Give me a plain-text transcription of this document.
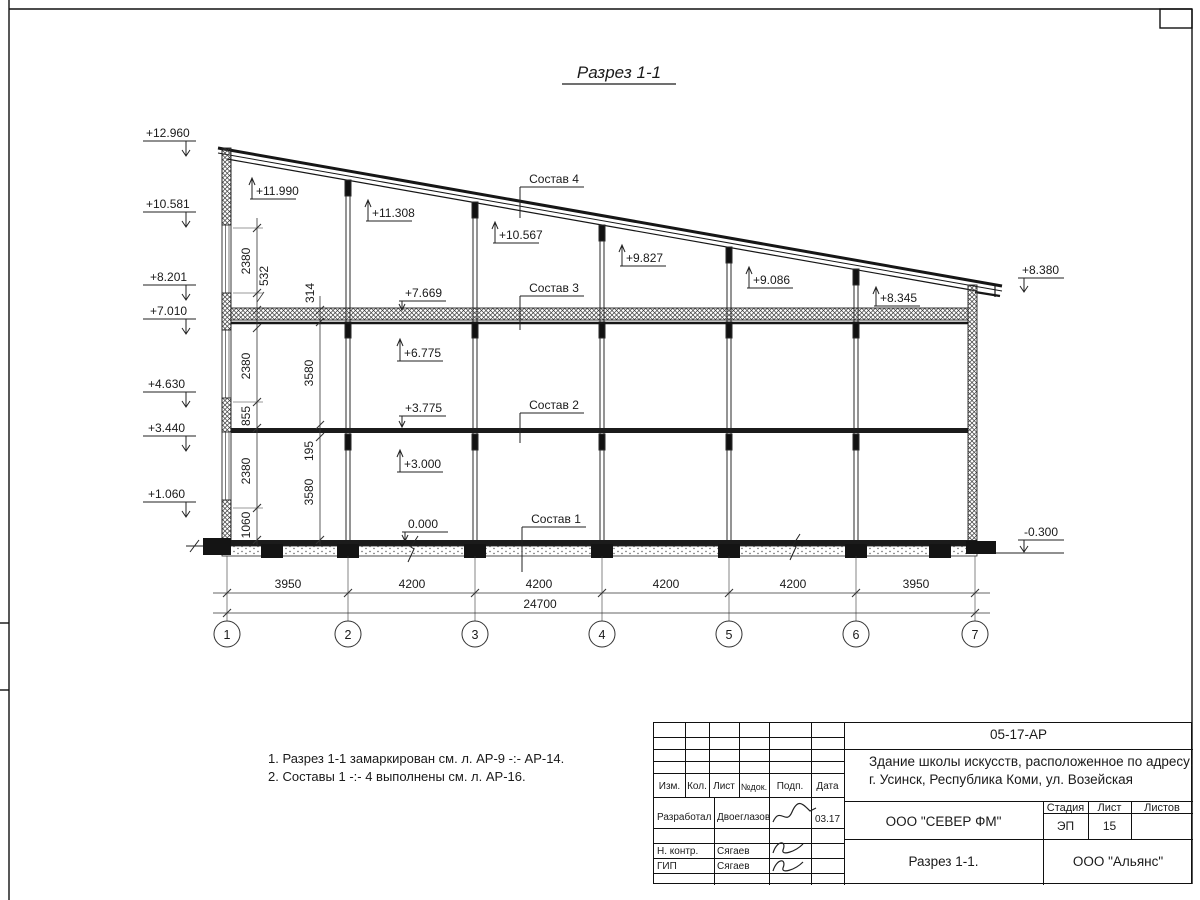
Разрез 1-1
2380
532
2380
855
2380
1060
314
3580
195
3580
3950	4200	4200	4200	4200	3950
24700
1	2	3	4	5	6	7
+12.960
+10.581
+8.201
+7.010
+4.630
+3.440
+1.060
+11.990
+11.308
+10.567
+9.827
+9.086
+8.345
+7.669
+6.775
+3.775
+3.000
0.000
+8.380
-0.300
Состав 4
Состав 3
Состав 2
Состав 1
1. Разрез 1-1 замаркирован см. л. АР-9 -:- АР-14.
2. Составы 1 -:- 4 выполнены см. л. АР-16.
Изм. Кол. Лист №док. Подп.	Дата
Разработал Двоеглазов	03.17
Н. контр. Сягаев
ГИП	Сягаев
05-17-АР
Здание школы искусств, расположенное по адресу:
г. Усинск, Республика Коми, ул. Возейская
ООО "СЕВЕР ФМ"
Разрез 1-1.
Стадия	Лист	Листов
ЭП	15
ООО "Альянс"
